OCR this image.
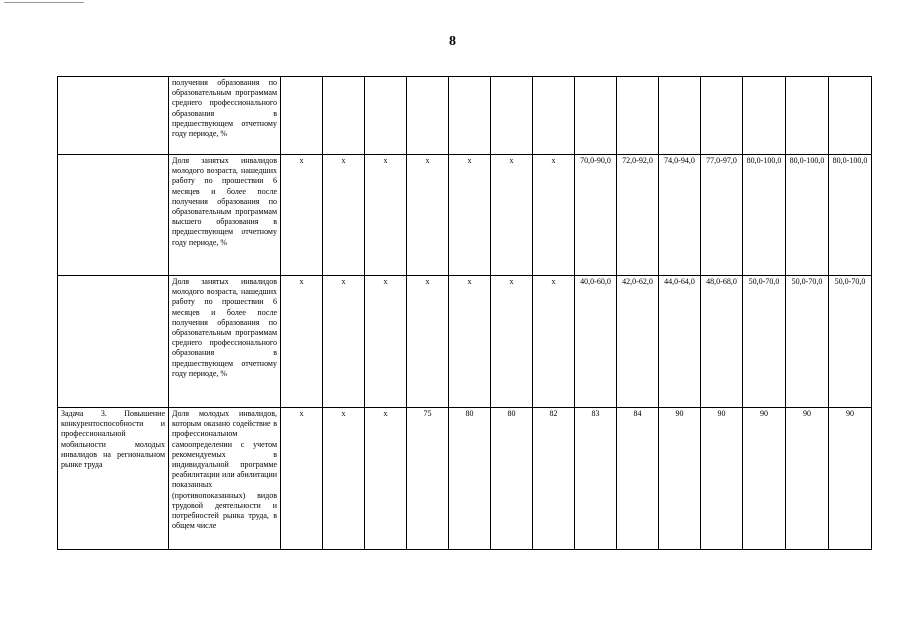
8
	получения образования по образовательным программам среднего профессионального образования в предшествующем отчетному году периоде, %														
	Доля занятых инвалидов молодого возраста, нашедших работу по прошествии 6 месяцев и более после получения образования по образовательным программам высшего образования в предшествующем отчетному году периоде, %	x	x	x	x	x	x	x	70,0-90,0	72,0-92,0	74,0-94,0	77,0-97,0	80,0-100,0	80,0-100,0	80,0-100,0
	Доля занятых инвалидов молодого возраста, нашедших работу по прошествии 6 месяцев и более после получения образования по образовательным программам среднего профессионального образования в предшествующем отчетному году периоде, %	x	x	x	x	x	x	x	40,0-60,0	42,0-62,0	44,0-64,0	48,0-68,0	50,0-70,0	50,0-70,0	50,0-70,0
Задача 3. Повышение конкурентоспособности и профессиональной мобильности молодых инвалидов на региональном рынке труда	Доля молодых инвалидов, которым оказано содействие в профессиональном самоопределении с учетом рекомендуемых в индивидуальной программе реабилитации или абилитации показанных (противопоказанных) видов трудовой деятельности и потребностей рынка труда, в общем числе	x	x	x	75	80	80	82	83	84	90	90	90	90	90
